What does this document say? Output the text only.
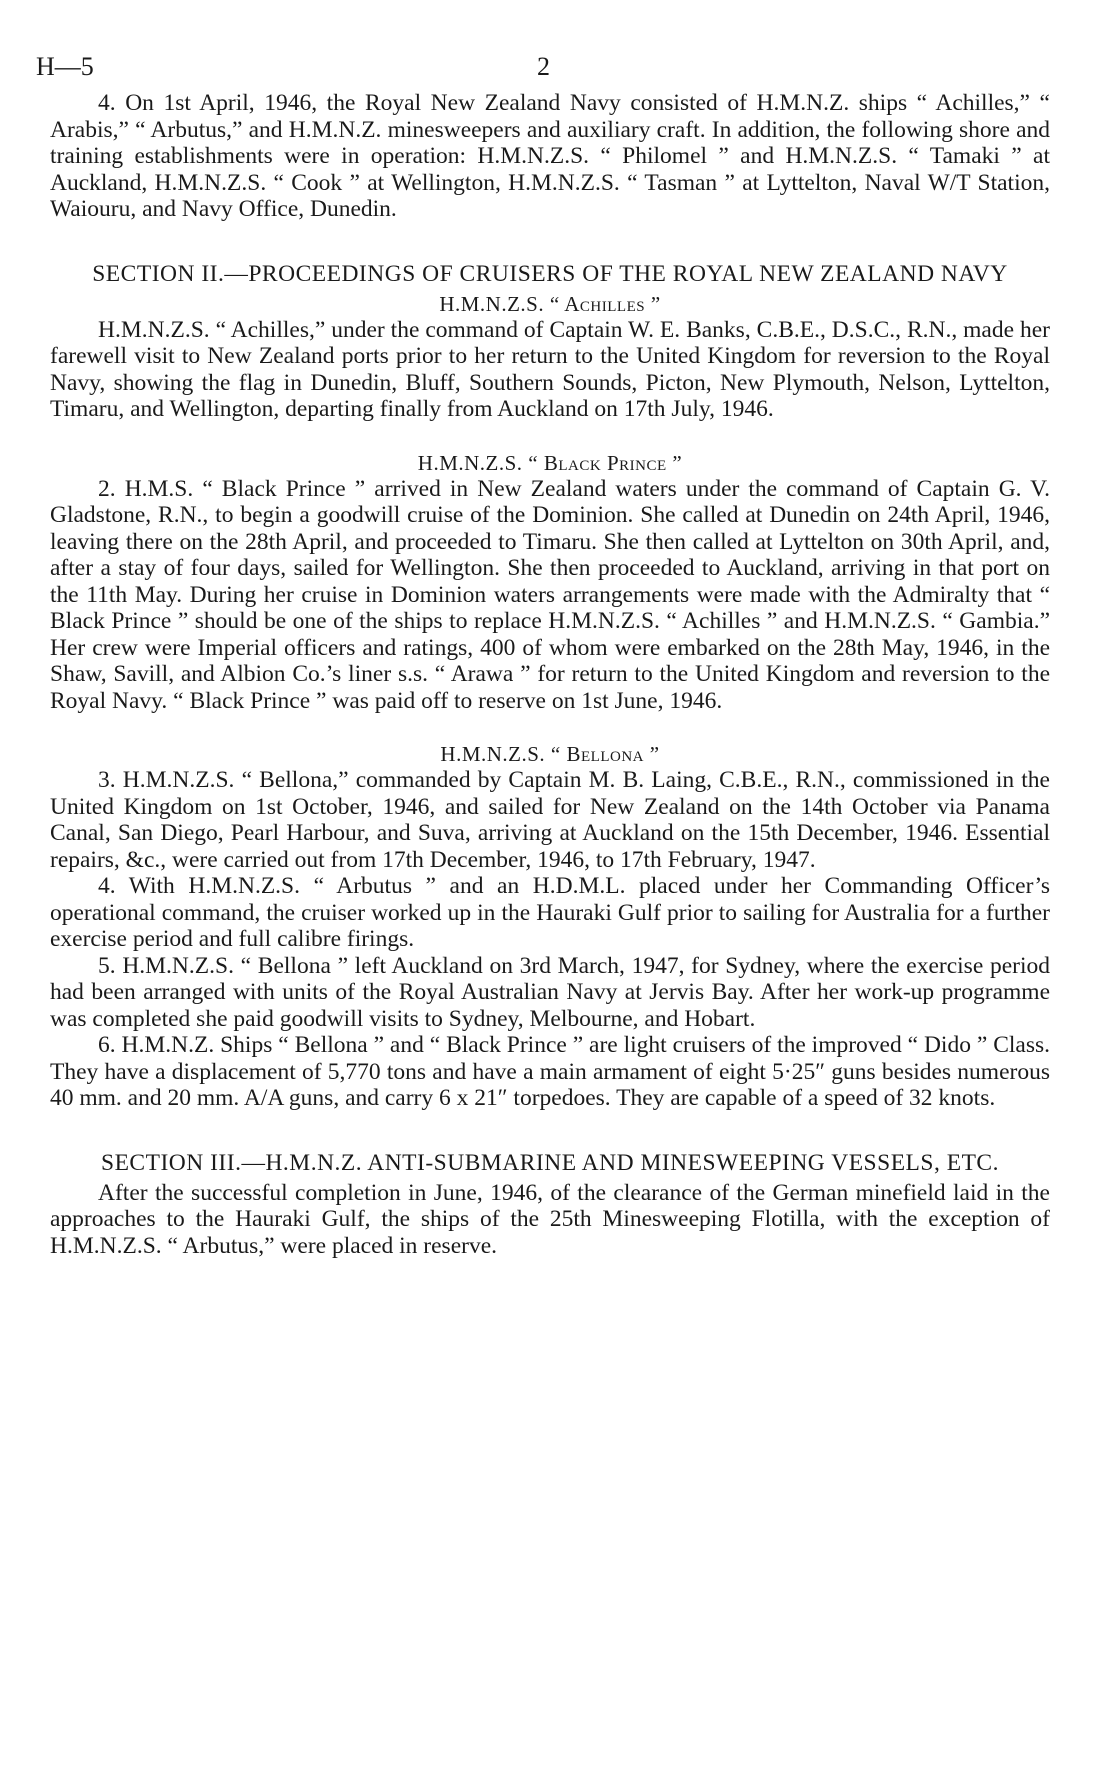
H—5	2

4. On 1st April, 1946, the Royal New Zealand Navy consisted of H.M.N.Z. ships “ Achilles,” “ Arabis,” “ Arbutus,” and H.M.N.Z. minesweepers and auxiliary craft. In addition, the following shore and training establishments were in operation: H.M.N.Z.S. “ Philomel ” and H.M.N.Z.S. “ Tamaki ” at Auckland, H.M.N.Z.S. “ Cook ” at Wellington, H.M.N.Z.S. “ Tasman ” at Lyttelton, Naval W/T Station, Waiouru, and Navy Office, Dunedin.

SECTION II.—PROCEEDINGS OF CRUISERS OF THE ROYAL NEW ZEALAND NAVY
H.M.N.Z.S. “ Achilles ”

H.M.N.Z.S. “ Achilles,” under the command of Captain W. E. Banks, C.B.E., D.S.C., R.N., made her farewell visit to New Zealand ports prior to her return to the United Kingdom for reversion to the Royal Navy, showing the flag in Dunedin, Bluff, Southern Sounds, Picton, New Plymouth, Nelson, Lyttelton, Timaru, and Wellington, departing finally from Auckland on 17th July, 1946.

H.M.N.Z.S. “ Black Prince ”

2. H.M.S. “ Black Prince ” arrived in New Zealand waters under the command of Captain G. V. Gladstone, R.N., to begin a goodwill cruise of the Dominion. She called at Dunedin on 24th April, 1946, leaving there on the 28th April, and proceeded to Timaru. She then called at Lyttelton on 30th April, and, after a stay of four days, sailed for Wellington. She then proceeded to Auckland, arriving in that port on the 11th May. During her cruise in Dominion waters arrangements were made with the Admiralty that “ Black Prince ” should be one of the ships to replace H.M.N.Z.S. “ Achilles ” and H.M.N.Z.S. “ Gambia.” Her crew were Imperial officers and ratings, 400 of whom were embarked on the 28th May, 1946, in the Shaw, Savill, and Albion Co.’s liner s.s. “ Arawa ” for return to the United Kingdom and reversion to the Royal Navy. “ Black Prince ” was paid off to reserve on 1st June, 1946.

H.M.N.Z.S. “ Bellona ”

3. H.M.N.Z.S. “ Bellona,” commanded by Captain M. B. Laing, C.B.E., R.N., commissioned in the United Kingdom on 1st October, 1946, and sailed for New Zealand on the 14th October via Panama Canal, San Diego, Pearl Harbour, and Suva, arriving at Auckland on the 15th December, 1946. Essential repairs, &c., were carried out from 17th December, 1946, to 17th February, 1947.

4. With H.M.N.Z.S. “ Arbutus ” and an H.D.M.L. placed under her Commanding Officer’s operational command, the cruiser worked up in the Hauraki Gulf prior to sailing for Australia for a further exercise period and full calibre firings.

5. H.M.N.Z.S. “ Bellona ” left Auckland on 3rd March, 1947, for Sydney, where the exercise period had been arranged with units of the Royal Australian Navy at Jervis Bay. After her work-up programme was completed she paid goodwill visits to Sydney, Melbourne, and Hobart.

6. H.M.N.Z. Ships “ Bellona ” and “ Black Prince ” are light cruisers of the improved “ Dido ” Class. They have a displacement of 5,770 tons and have a main armament of eight 5·25″ guns besides numerous 40 mm. and 20 mm. A/A guns, and carry 6 x 21″ torpedoes. They are capable of a speed of 32 knots.

SECTION III.—H.M.N.Z. ANTI-SUBMARINE AND MINESWEEPING VESSELS, ETC.

After the successful completion in June, 1946, of the clearance of the German minefield laid in the approaches to the Hauraki Gulf, the ships of the 25th Minesweeping Flotilla, with the exception of H.M.N.Z.S. “ Arbutus,” were placed in reserve.
